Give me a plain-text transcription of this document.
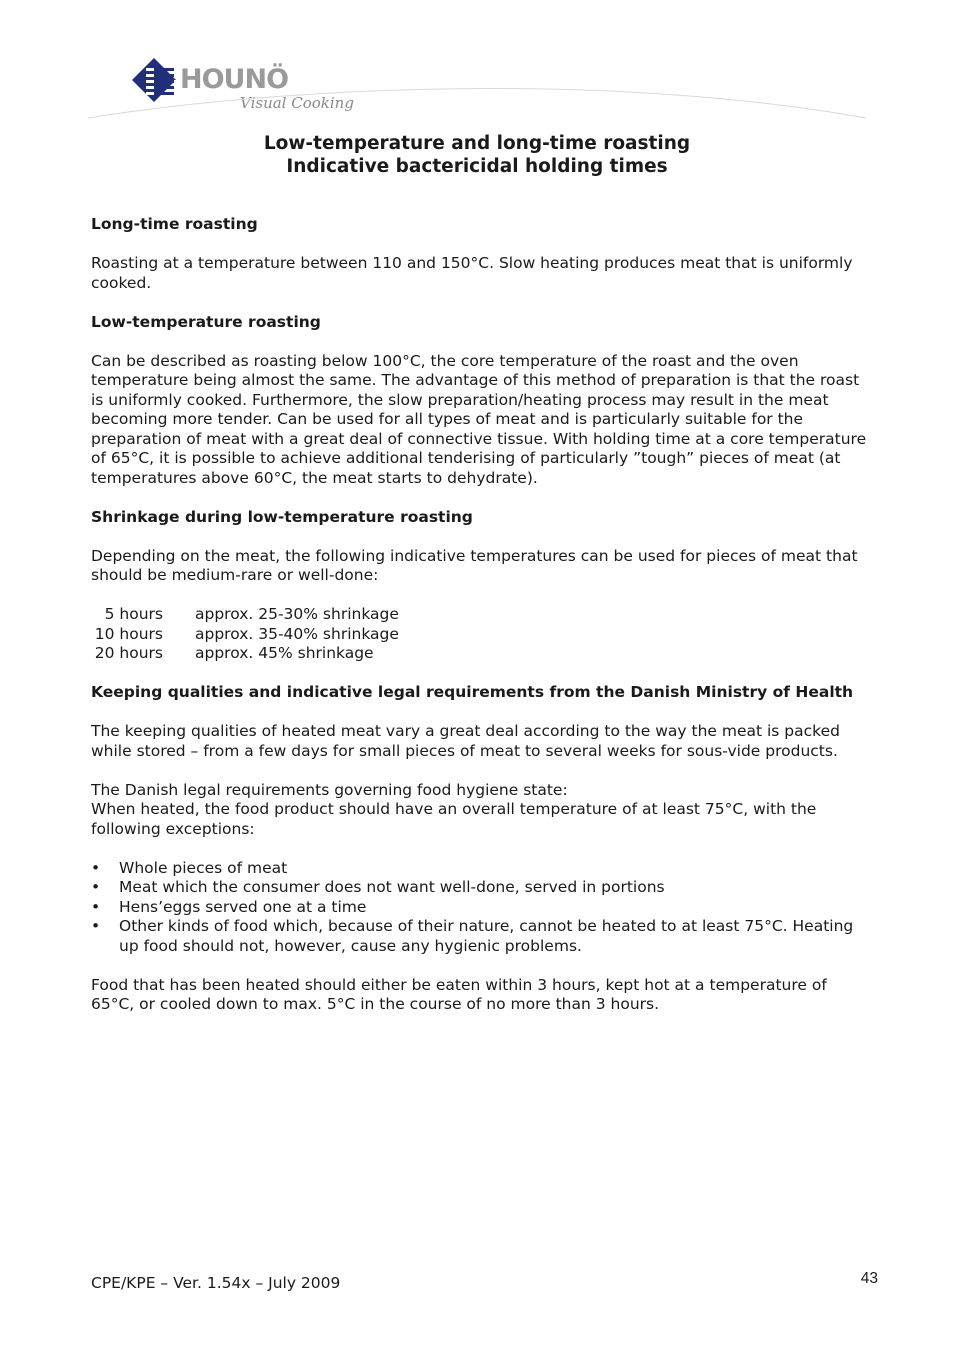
HOUNÖ
Visual Cooking
Low-temperature and long-time roasting
Indicative bactericidal holding times
Long-time roasting

Roasting at a temperature between 110 and 150°C. Slow heating produces meat that is uniformly cooked.

Low-temperature roasting

Can be described as roasting below 100°C, the core temperature of the roast and the oven temperature being almost the same. The advantage of this method of preparation is that the roast is uniformly cooked. Furthermore, the slow preparation/heating process may result in the meat becoming more tender. Can be used for all types of meat and is particularly suitable for the preparation of meat with a great deal of connective tissue. With holding time at a core temperature of 65°C, it is possible to achieve additional tenderising of particularly ”tough” pieces of meat (at temperatures above 60°C, the meat starts to dehydrate).

Shrinkage during low-temperature roasting

Depending on the meat, the following indicative temperatures can be used for pieces of meat that should be medium-rare or well-done:

5 hours	approx. 25-30% shrinkage
10 hours	approx. 35-40% shrinkage
20 hours	approx. 45% shrinkage
Keeping qualities and indicative legal requirements from the Danish Ministry of Health

The keeping qualities of heated meat vary a great deal according to the way the meat is packed while stored – from a few days for small pieces of meat to several weeks for sous-vide products.

The Danish legal requirements governing food hygiene state:
When heated, the food product should have an overall temperature of at least 75°C, with the following exceptions:

• Whole pieces of meat
• Meat which the consumer does not want well-done, served in portions
• Hens’eggs served one at a time
• Other kinds of food which, because of their nature, cannot be heated to at least 75°C. Heating up food should not, however, cause any hygienic problems.

Food that has been heated should either be eaten within 3 hours, kept hot at a temperature of 65°C, or cooled down to max. 5°C in the course of no more than 3 hours.

CPE/KPE – Ver. 1.54x – July 2009	43
